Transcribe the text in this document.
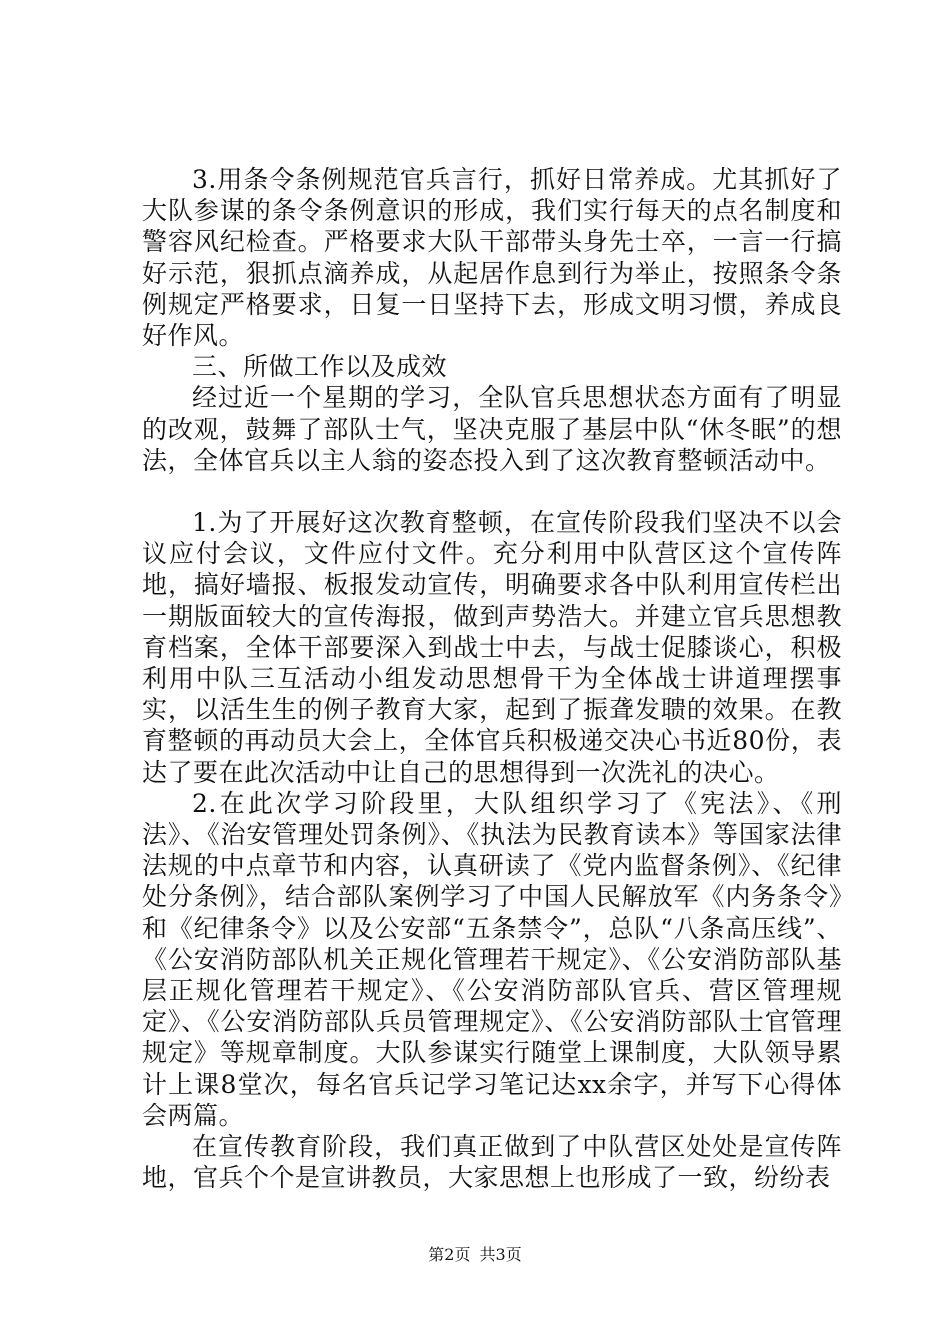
3.用条令条例规范官兵言行，抓好日常养成。尤其抓好了大队参谋的条令条例意识的形成，我们实行每天的点名制度和警容风纪检查。严格要求大队干部带头身先士卒，一言一行搞好示范，狠抓点滴养成，从起居作息到行为举止，按照条令条例规定严格要求，日复一日坚持下去，形成文明习惯，养成良好作风。

三、所做工作以及成效

经过近一个星期的学习，全队官兵思想状态方面有了明显的改观，鼓舞了部队士气，坚决克服了基层中队“休冬眠”的想法，全体官兵以主人翁的姿态投入到了这次教育整顿活动中。

1.为了开展好这次教育整顿，在宣传阶段我们坚决不以会议应付会议，文件应付文件。充分利用中队营区这个宣传阵地，搞好墙报、板报发动宣传，明确要求各中队利用宣传栏出一期版面较大的宣传海报，做到声势浩大。并建立官兵思想教育档案，全体干部要深入到战士中去，与战士促膝谈心，积极利用中队三互活动小组发动思想骨干为全体战士讲道理摆事实，以活生生的例子教育大家，起到了振聋发聩的效果。在教育整顿的再动员大会上，全体官兵积极递交决心书近80份，表达了要在此次活动中让自己的思想得到一次洗礼的决心。

2.在此次学习阶段里，大队组织学习了《宪法》、《刑法》、《治安管理处罚条例》、《执法为民教育读本》等国家法律法规的中点章节和内容，认真研读了《党内监督条例》、《纪律处分条例》，结合部队案例学习了中国人民解放军《内务条令》和《纪律条令》以及公安部“五条禁令”，总队“八条高压线”、《公安消防部队机关正规化管理若干规定》、《公安消防部队基层正规化管理若干规定》、《公安消防部队官兵、营区管理规定》、《公安消防部队兵员管理规定》、《公安消防部队士官管理规定》等规章制度。大队参谋实行随堂上课制度，大队领导累计上课8堂次，每名官兵记学习笔记达xx余字，并写下心得体会两篇。

在宣传教育阶段，我们真正做到了中队营区处处是宣传阵地，官兵个个是宣讲教员，大家思想上也形成了一致，纷纷表

第2页 共3页
